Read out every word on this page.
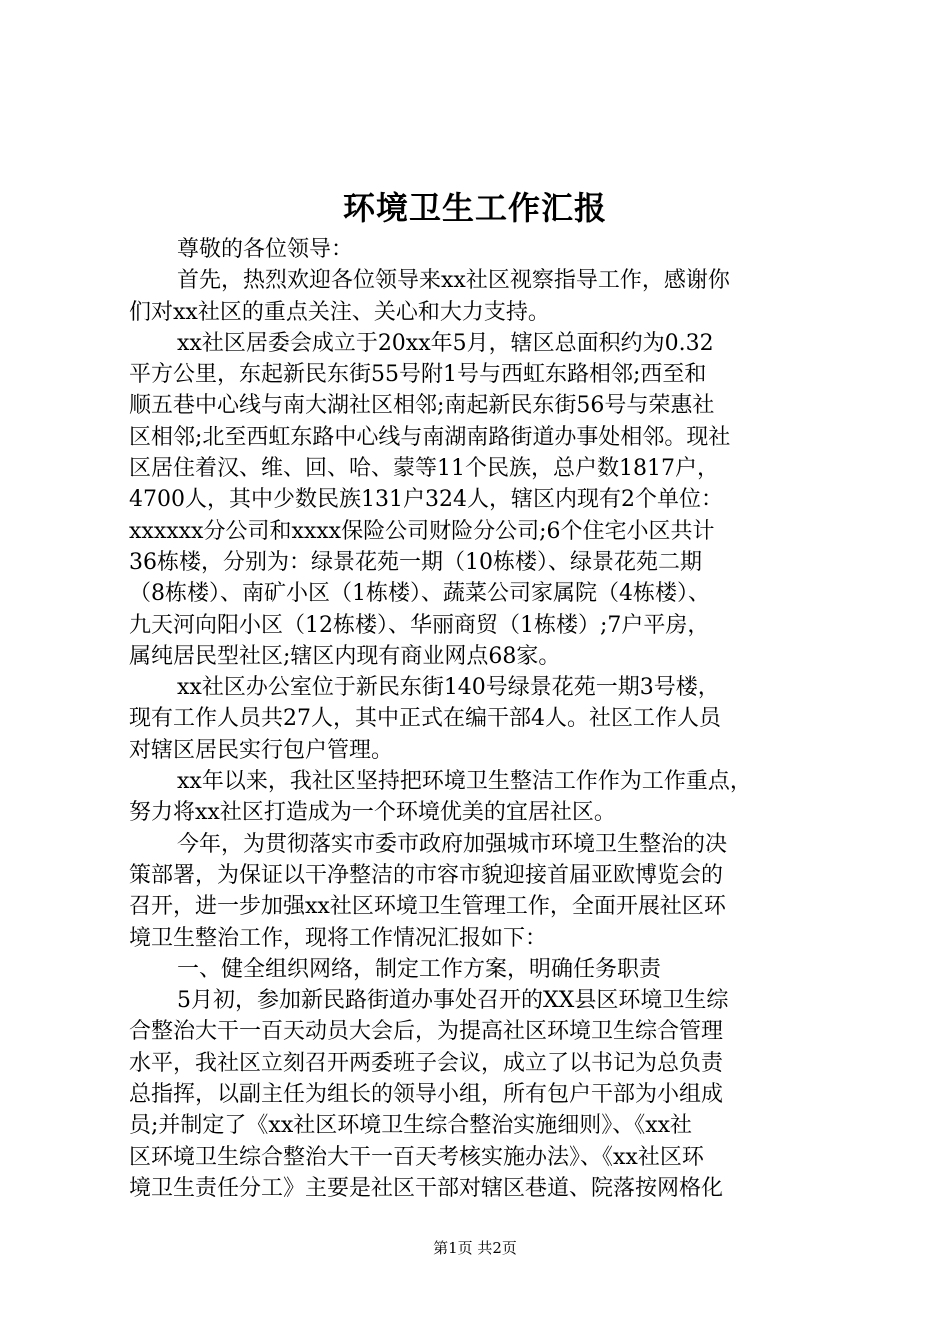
环境卫生工作汇报
尊敬的各位领导：
首先，热烈欢迎各位领导来xx社区视察指导工作，感谢你
们对xx社区的重点关注、关心和大力支持。
xx社区居委会成立于20xx年5月，辖区总面积约为0.32
平方公里，东起新民东街55号附1号与西虹东路相邻;西至和
顺五巷中心线与南大湖社区相邻;南起新民东街56号与荣惠社
区相邻;北至西虹东路中心线与南湖南路街道办事处相邻。现社
区居住着汉、维、回、哈、蒙等11个民族，总户数1817户，
4700人，其中少数民族131户324人，辖区内现有2个单位：
xxxxxx分公司和xxxx保险公司财险分公司;6个住宅小区共计
36栋楼，分别为：绿景花苑一期（10栋楼）、绿景花苑二期
（8栋楼）、南矿小区（1栋楼）、蔬菜公司家属院（4栋楼）、
九天河向阳小区（12栋楼）、华丽商贸（1栋楼）;7户平房，
属纯居民型社区;辖区内现有商业网点68家。
xx社区办公室位于新民东街140号绿景花苑一期3号楼，
现有工作人员共27人，其中正式在编干部4人。社区工作人员
对辖区居民实行包户管理。
xx年以来，我社区坚持把环境卫生整洁工作作为工作重点，
努力将xx社区打造成为一个环境优美的宜居社区。
今年，为贯彻落实市委市政府加强城市环境卫生整治的决
策部署，为保证以干净整洁的市容市貌迎接首届亚欧博览会的
召开，进一步加强xx社区环境卫生管理工作，全面开展社区环
境卫生整治工作，现将工作情况汇报如下：
一、健全组织网络，制定工作方案，明确任务职责
5月初，参加新民路街道办事处召开的XX县区环境卫生综
合整治大干一百天动员大会后，为提高社区环境卫生综合管理
水平，我社区立刻召开两委班子会议，成立了以书记为总负责
总指挥，以副主任为组长的领导小组，所有包户干部为小组成
员;并制定了《xx社区环境卫生综合整治实施细则》、《xx社
区环境卫生综合整治大干一百天考核实施办法》、《xx社区环
境卫生责任分工》主要是社区干部对辖区巷道、院落按网格化
第1页 共2页
